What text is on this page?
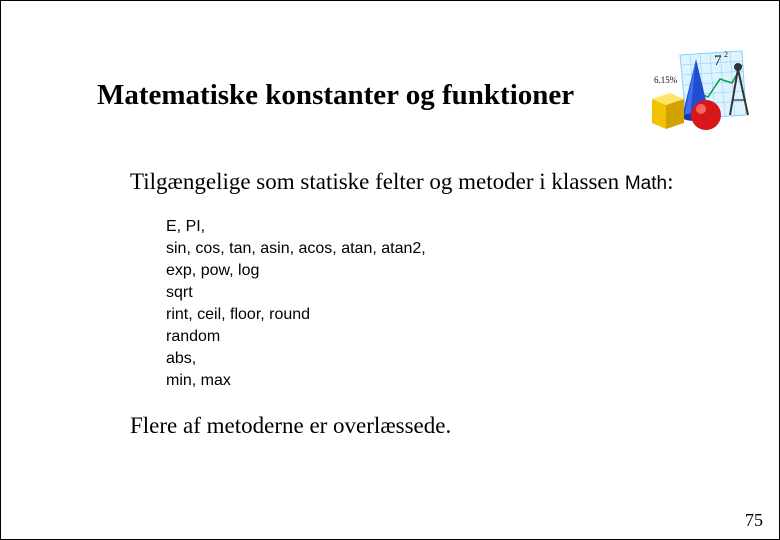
Matematiske konstanter og funktioner
7 2
6.15%
Tilgængelige som statiske felter og metoder i klassen Math:
E, PI,
sin, cos, tan, asin, acos, atan, atan2,
exp, pow, log
sqrt
rint, ceil, floor, round
random
abs,
min, max
Flere af metoderne er overlæssede.
75
